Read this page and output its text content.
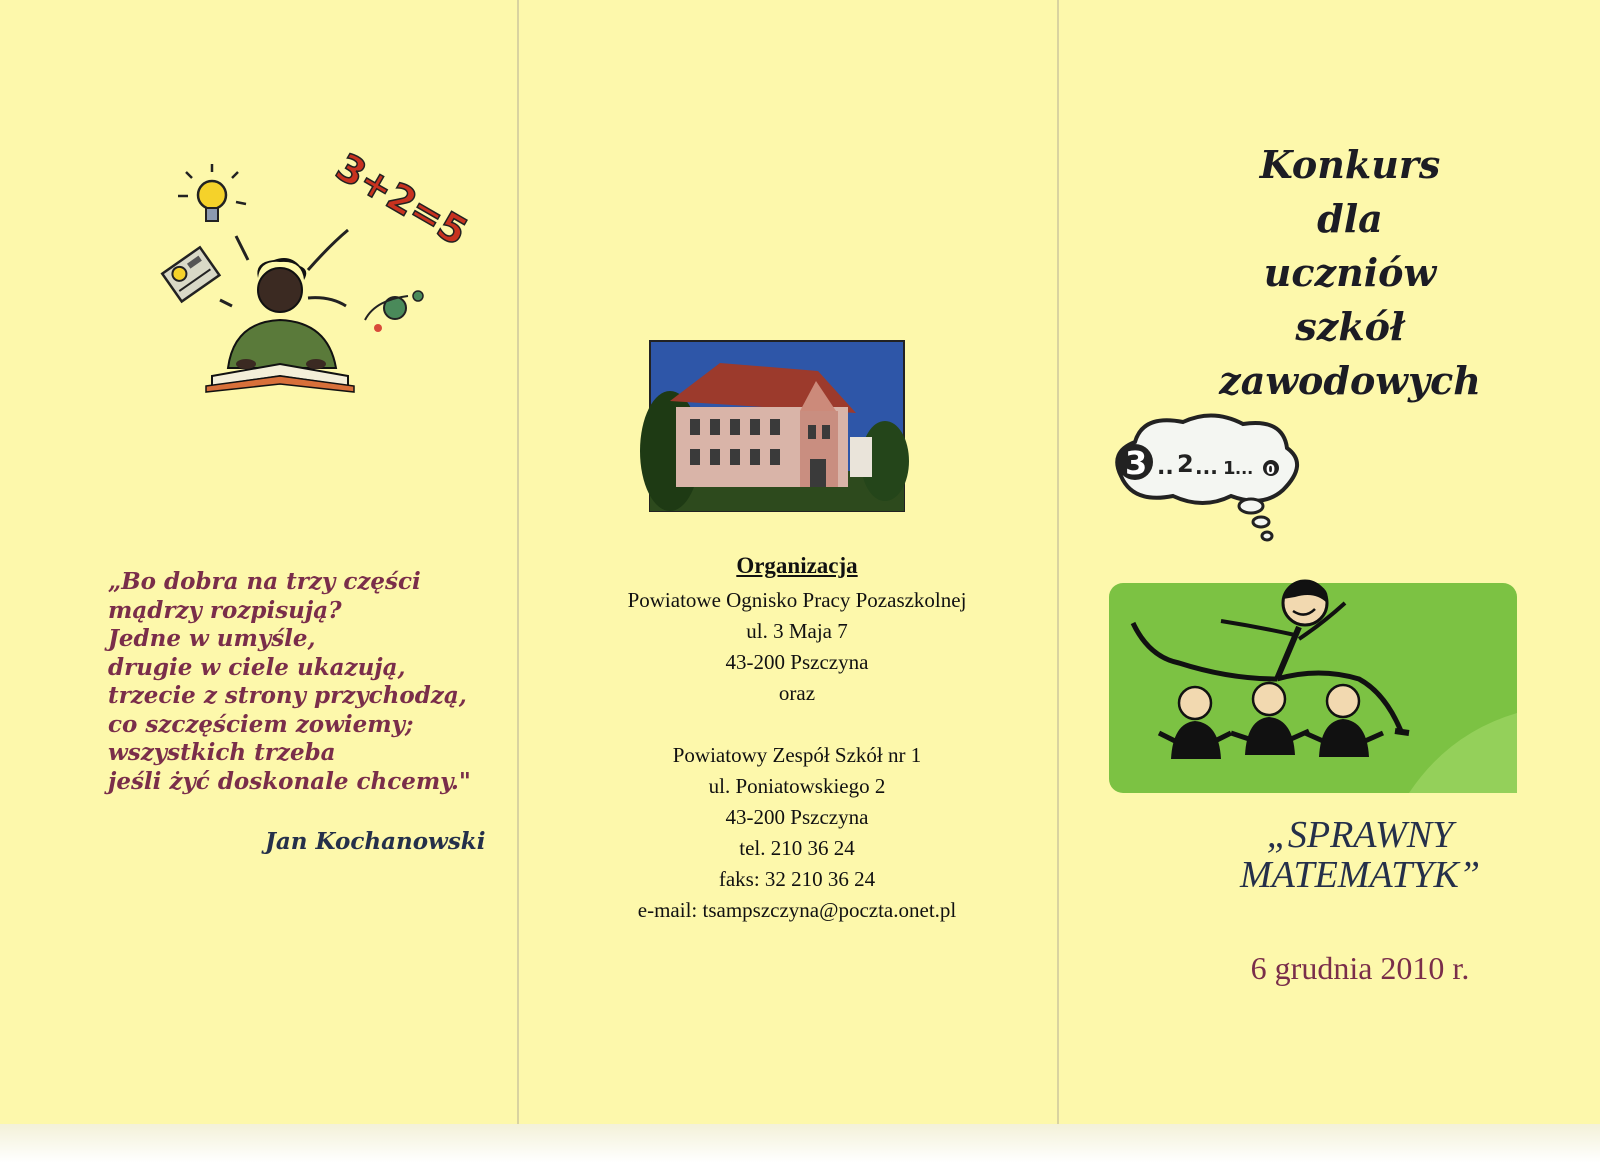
3+2=5
„Bo dobra na trzy części
mądrzy rozpisują?
Jedne w umyśle,
drugie w ciele ukazują,
trzecie z strony przychodzą,
co szczęściem zowiemy;
wszystkich trzeba
jeśli żyć doskonale chcemy."
Jan Kochanowski
Organizacja
Powiatowe Ognisko Pracy Pozaszkolnej
ul. 3 Maja 7
43-200 Pszczyna
oraz
Powiatowy Zespół Szkół nr 1
ul. Poniatowskiego 2
43-200 Pszczyna
tel. 210 36 24
faks: 32 210 36 24
e-mail: tsampszczyna@poczta.onet.pl
Konkurs
dla
uczniów
szkół
zawodowych
3 .. 2 ... 1 ... 0
„SPRAWNY
MATEMATYK”
6 grudnia 2010 r.
